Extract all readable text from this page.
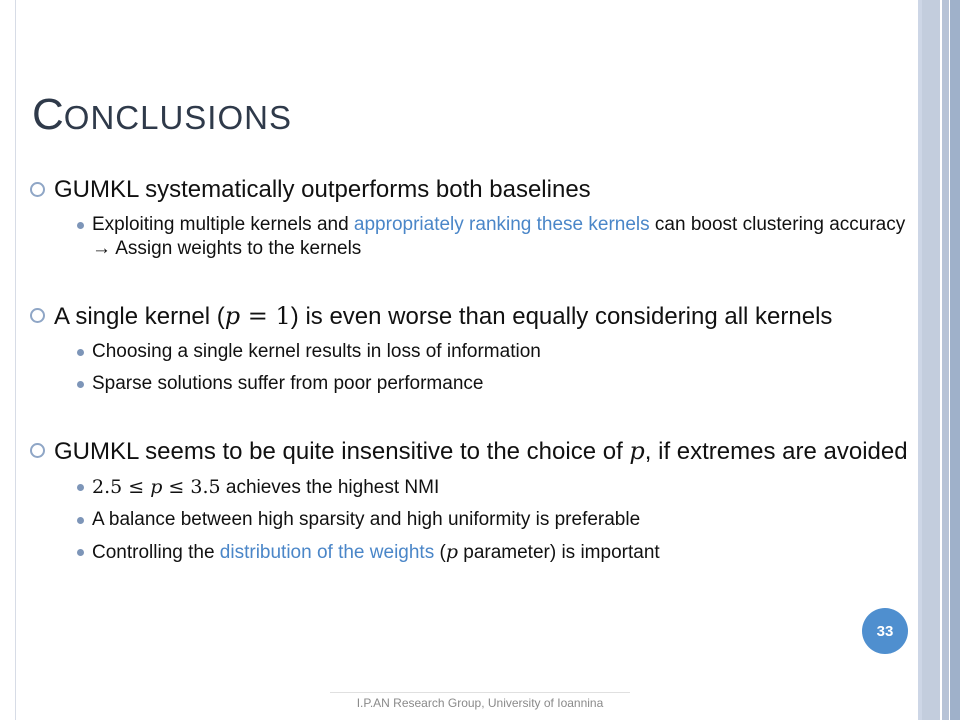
CONCLUSIONS
GUMKL systematically outperforms both baselines
Exploiting multiple kernels and appropriately ranking these kernels can boost clustering accuracy → Assign weights to the kernels
A single kernel (p = 1) is even worse than equally considering all kernels
Choosing a single kernel results in loss of information
Sparse solutions suffer from poor performance
GUMKL seems to be quite insensitive to the choice of p, if extremes are avoided
2.5 ≤ p ≤ 3.5 achieves the highest NMI
A balance between high sparsity and high uniformity is preferable
Controlling the distribution of the weights (p parameter) is important
33
I.P.AN Research Group, University of Ioannina
